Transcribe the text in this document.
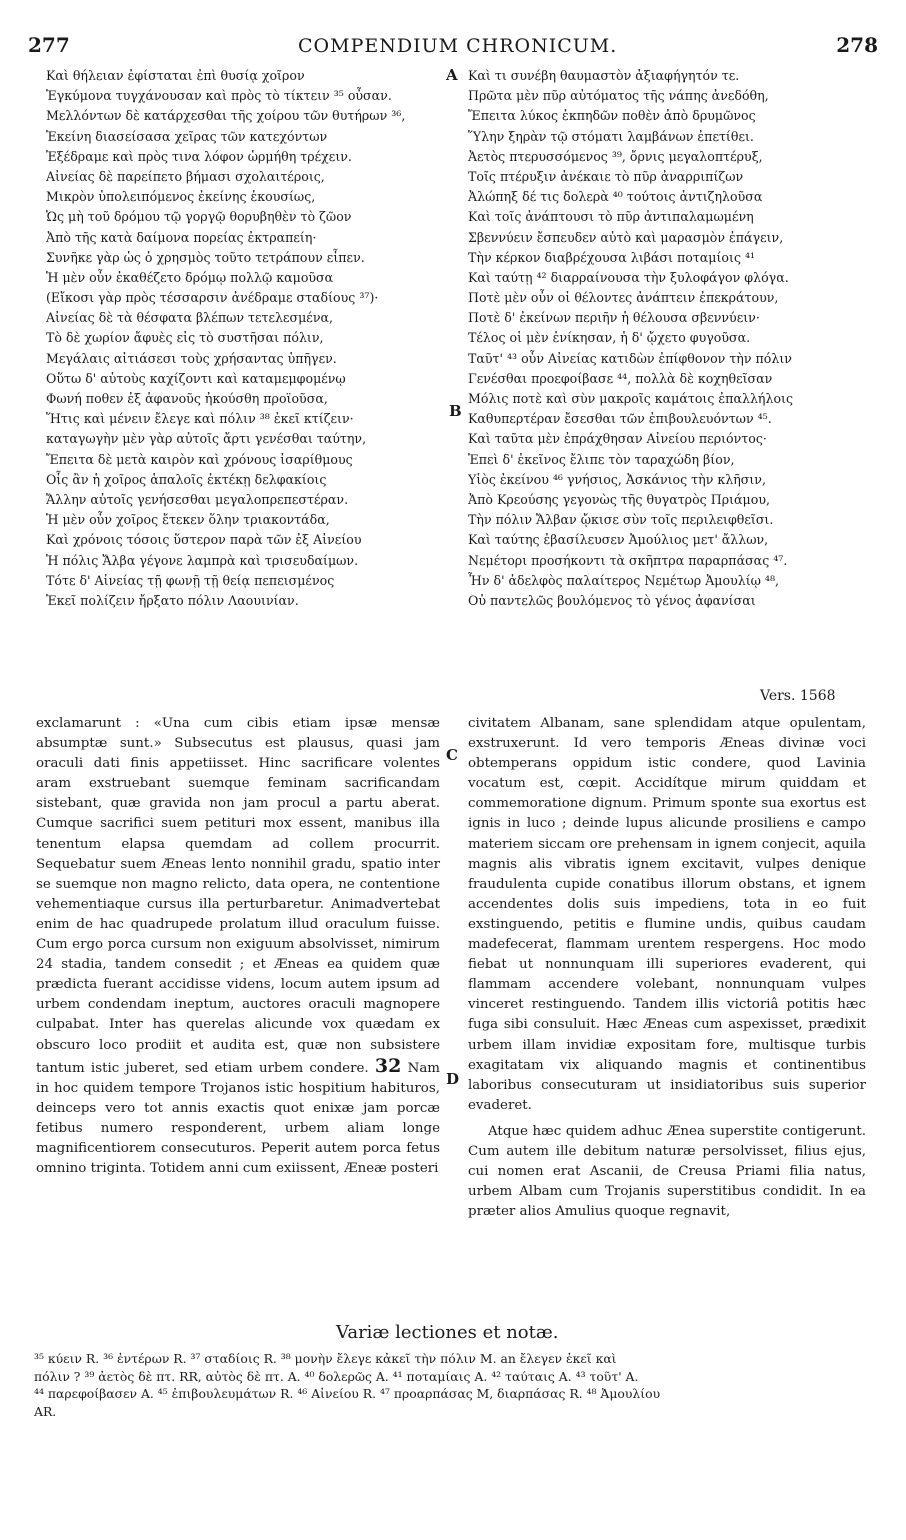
277	COMPENDIUM CHRONICUM.	278
Καὶ θήλειαν ἐφίσταται ἐπὶ θυσίᾳ χοῖρον
Ἐγκύμονα τυγχάνουσαν καὶ πρὸς τὸ τίκτειν ³⁵ οὖσαν.
Μελλόντων δὲ κατάρχεσθαι τῆς χοίρου τῶν θυτήρων ³⁶,
Ἐκείνη διασείσασα χεῖρας τῶν κατεχόντων
Ἐξέδραμε καὶ πρὸς τινα λόφον ὡρμήθη τρέχειν.
Αἰνείας δὲ παρείπετο βήμασι σχολαιτέροις,
Μικρὸν ὑπολειπόμενος ἐκείνης ἑκουσίως,
Ὡς μὴ τοῦ δρόμου τῷ γοργῷ θορυβηθὲν τὸ ζῶον
Ἀπὸ τῆς κατὰ δαίμονα πορείας ἐκτραπείη·
Συνῆκε γὰρ ὡς ὁ χρησμὸς τοῦτο τετράπουν εἶπεν.
Ἡ μὲν οὖν ἐκαθέζετο δρόμῳ πολλῷ καμοῦσα
(Εἴκοσι γὰρ πρὸς τέσσαρσιν ἀνέδραμε σταδίους ³⁷)·
Αἰνείας δὲ τὰ θέσφατα βλέπων τετελεσμένα,
Τὸ δὲ χωρίον ἄφυὲς εἰς τὸ συστῆσαι πόλιν,
Μεγάλαις αἰτιάσεσι τοὺς χρήσαντας ὑπῆγεν.
Οὕτω δ' αὐτοὺς καχίζοντι καὶ καταμεμφομένῳ
Φωνή ποθεν ἐξ ἀφανοῦς ἠκούσθη προϊοῦσα,
Ἥτις καὶ μένειν ἔλεγε καὶ πόλιν ³⁸ ἐκεῖ κτίζειν·
καταγωγὴν μὲν γὰρ αὐτοῖς ἄρτι γενέσθαι ταύτην,
Ἔπειτα δὲ μετὰ καιρὸν καὶ χρόνους ἰσαρίθμους
Οἷς ἂν ἡ χοῖρος ἁπαλοῖς ἐκτέκῃ δελφακίοις
Ἄλλην αὐτοῖς γενήσεσθαι μεγαλοπρεπεστέραν.
Ἡ μὲν οὖν χοῖρος ἔτεκεν ὅλην τριακοντάδα,
Καὶ χρόνοις τόσοις ὕστερον παρὰ τῶν ἐξ Αἰνείου
Ἡ πόλις Ἄλβα γέγονε λαμπρὰ καὶ τρισευδαίμων.
Τότε δ' Αἰνείας τῇ φωνῇ τῇ θείᾳ πεπεισμένος
Ἐκεῖ πολίζειν ἤρξατο πόλιν Λαουινίαν.
Καὶ τι συνέβη θαυμαστὸν ἀξιαφήγητόν τε.
Πρῶτα μὲν πῦρ αὐτόματος τῆς νάπης ἀνεδόθη,
Ἔπειτα λύκος ἐκπηδῶν ποθὲν ἀπὸ δρυμῶνος
Ὕλην ξηρὰν τῷ στόματι λαμβάνων ἐπετίθει.
Ἀετὸς πτερυσσόμενος ³⁹, ὄρνις μεγαλοπτέρυξ,
Τοῖς πτέρυξιν ἀνέκαιε τὸ πῦρ ἀναρριπίζων
Ἀλώπηξ δέ τις δολερὰ ⁴⁰ τούτοις ἀντιζηλοῦσα
Καὶ τοῖς ἀνάπτουσι τὸ πῦρ ἀντιπαλαμωμένη
Σβεννύειν ἔσπευδεν αὐτὸ καὶ μαρασμὸν ἐπάγειν,
Τὴν κέρκον διαβρέχουσα λιβάσι ποταμίοις ⁴¹
Καὶ ταύτῃ ⁴² διαρραίνουσα τὴν ξυλοφάγον φλόγα.
Ποτὲ μὲν οὖν οἱ θέλοντες ἀνάπτειν ἐπεκράτουν,
Ποτὲ δ' ἐκείνων περιῆν ἡ θέλουσα σβεννύειν·
Τέλος οἱ μὲν ἐνίκησαν, ἡ δ' ᾤχετο φυγοῦσα.
Ταῦτ' ⁴³ οὖν Αἰνείας κατιδὼν ἐπίφθονον τὴν πόλιν
Γενέσθαι προεφοίβασε ⁴⁴, πολλὰ δὲ κοχηθεῖσαν
Μόλις ποτὲ καὶ σὺν μακροῖς καμάτοις ἐπαλλήλοις
Καθυπερτέραν ἔσεσθαι τῶν ἐπιβουλευόντων ⁴⁵.
Καὶ ταῦτα μὲν ἐπράχθησαν Αἰνείου περιόντος·
Ἐπεὶ δ' ἐκεῖνος ἔλιπε τὸν ταραχώδη βίον,
Υἱὸς ἐκείνου ⁴⁶ γνήσιος, Ἀσκάνιος τὴν κλῆσιν,
Ἀπὸ Κρεούσης γεγονὼς τῆς θυγατρὸς Πριάμου,
Τὴν πόλιν Ἄλβαν ᾤκισε σὺν τοῖς περιλειφθεῖσι.
Καὶ ταύτης ἐβασίλευσεν Ἀμούλιος μετ' ἄλλων,
Νεμέτορι προσήκοντι τὰ σκῆπτρα παραρπάσας ⁴⁷.
Ἦν δ' ἀδελφὸς παλαίτερος Νεμέτωρ Ἀμουλίῳ ⁴⁸,
Οὐ παντελῶς βουλόμενος τὸ γένος ἀφανίσαι
A
B
C
D
Vers. 1568
exclamarunt : «Una cum cibis etiam ipsæ mensæ absumptæ sunt.» Subsecutus est plausus, quasi jam oraculi dati finis appetiisset. Hinc sacrificare volentes aram exstruebant suemque feminam sacrificandam sistebant, quæ gravida non jam procul a partu aberat. Cumque sacrifici suem petituri mox essent, manibus illa tenentum elapsa quemdam ad collem procurrit. Sequebatur suem Æneas lento nonnihil gradu, spatio inter se suemque non magno relicto, data opera, ne contentione vehementiaque cursus illa perturbaretur. Animadvertebat enim de hac quadrupede prolatum illud oraculum fuisse. Cum ergo porca cursum non exiguum absolvisset, nimirum 24 stadia, tandem consedit ; et Æneas ea quidem quæ prædicta fuerant accidisse videns, locum autem ipsum ad urbem condendam ineptum, auctores oraculi magnopere culpabat. Inter has querelas alicunde vox quædam ex obscuro loco prodiit et audita est, quæ non subsistere tantum istic juberet, sed etiam urbem condere. 32 Nam in hoc quidem tempore Trojanos istic hospitium habituros, deinceps vero tot annis exactis quot enixæ jam porcæ fetibus numero responderent, urbem aliam longe magnificentiorem consecuturos. Peperit autem porca fetus omnino triginta. Totidem anni cum exiissent, Æneæ posteri
civitatem Albanam, sane splendidam atque opulentam, exstruxerunt. Id vero temporis Æneas divinæ voci obtemperans oppidum istic condere, quod Lavinia vocatum est, cœpit. Accidítque mirum quiddam et commemoratione dignum. Primum sponte sua exortus est ignis in luco ; deinde lupus alicunde prosiliens e campo materiem siccam ore prehensam in ignem conjecit, aquila magnis alis vibratis ignem excitavit, vulpes denique fraudulenta cupide conatibus illorum obstans, et ignem accendentes dolis suis impediens, tota in eo fuit exstinguendo, petitis e flumine undis, quibus caudam madefecerat, flammam urentem respergens. Hoc modo fiebat ut nonnunquam illi superiores evaderent, qui flammam accendere volebant, nonnunquam vulpes vinceret restinguendo. Tandem illis victoriâ potitis hæc fuga sibi consuluit. Hæc Æneas cum aspexisset, prædixit urbem illam invidiæ expositam fore, multisque turbis exagitatam vix aliquando magnis et continentibus laboribus consecuturam ut insidiatoribus suis superior evaderet.
Atque hæc quidem adhuc Ænea superstite contigerunt. Cum autem ille debitum naturæ persolvisset, filius ejus, cui nomen erat Ascanii, de Creusa Priami filia natus, urbem Albam cum Trojanis superstitibus condidit. In ea præter alios Amulius quoque regnavit,
Variæ lectiones et notæ.
³⁵ κύειν R. ³⁶ ἐντέρων R. ³⁷ σταδίοις R. ³⁸ μονὴν ἔλεγε κἀκεῖ τὴν πόλιν M. an ἔλεγεν ἐκεῖ καὶ
πόλιν ? ³⁹ ἀετὸς δὲ πτ. RR, αὐτὸς δὲ πτ. A. ⁴⁰ δολερῶς A. ⁴¹ ποταμίαις A. ⁴² ταύταις A. ⁴³ τοῦτ' A.
⁴⁴ παρεφοίβασεν A. ⁴⁵ ἐπιβουλευμάτων R. ⁴⁶ Αἰνείου R. ⁴⁷ προαρπάσας M, διαρπάσας R. ⁴⁸ Ἀμουλίου
AR.
